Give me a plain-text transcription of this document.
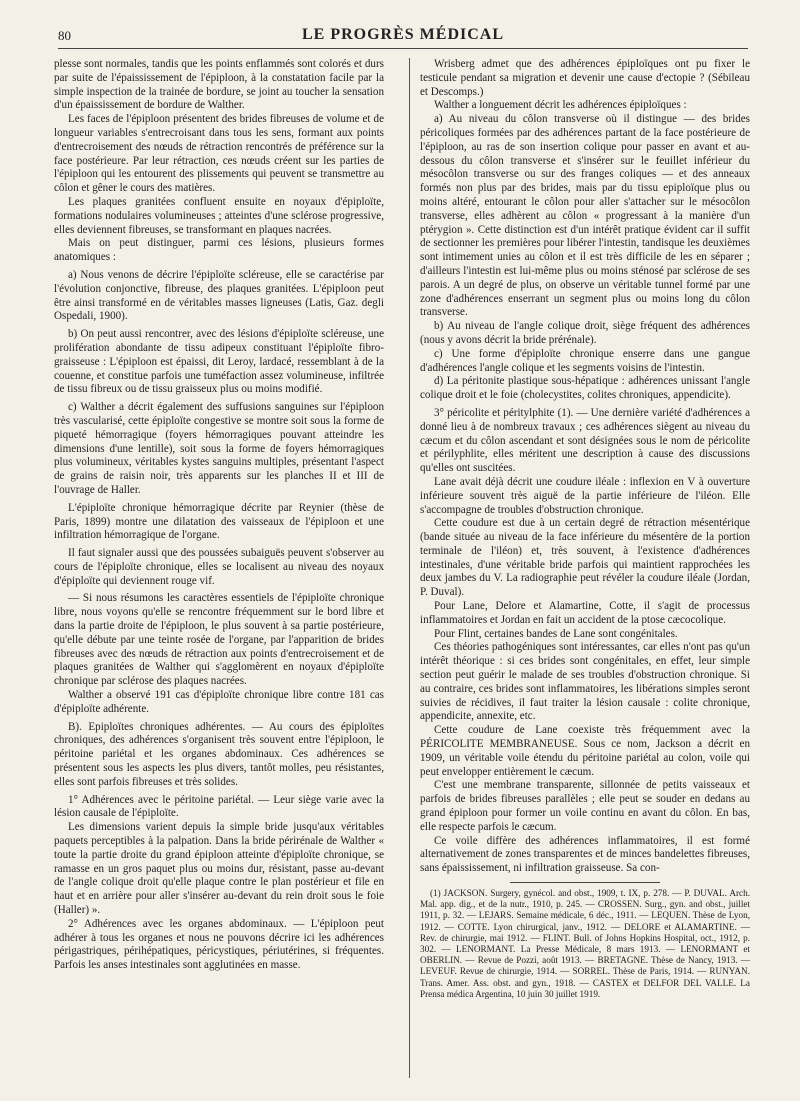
80	LE PROGRÈS MÉDICAL

plesse sont normales, tandis que les points enflammés sont colorés et durs par suite de l'épaississement de l'épiploon, à la constatation facile par la simple inspection de la trainée de bordure, se joint au toucher la sensation d'un épaississement de bordure de Walther.

Les faces de l'épiploon présentent des brides fibreuses de volume et de longueur variables s'entrecroisant dans tous les sens, formant aux points d'entrecroisement des nœuds de rétraction rencontrés de préférence sur la face postérieure. Par leur rétraction, ces nœuds créent sur les parties de l'épiploon qui les entourent des plissements qui peuvent se transmettre au côlon et gêner le cours des matières.

Les plaques granitées confluent ensuite en noyaux d'épiploïte, formations nodulaires volumineuses ; atteintes d'une sclérose progressive, elles deviennent fibreuses, se transformant en plaques nacrées.

Mais on peut distinguer, parmi ces lésions, plusieurs formes anatomiques :

a) Nous venons de décrire l'épiploïte scléreuse, elle se caractérise par l'évolution conjonctive, fibreuse, des plaques granitées. L'épiploon peut être ainsi transformé en de véritables masses ligneuses (Latis, Gaz. degli Ospedali, 1900).

b) On peut aussi rencontrer, avec des lésions d'épiploïte scléreuse, une prolifération abondante de tissu adipeux constituant l'épiploïte fibro-graisseuse : L'épiploon est épaissi, dit Leroy, lardacé, ressemblant à de la couenne, et constitue parfois une tuméfaction assez volumineuse, infiltrée de tissu fibreux ou de tissu graisseux plus ou moins modifié.

c) Walther a décrit également des suffusions sanguines sur l'épiploon très vascularisé, cette épiploïte congestive se montre soit sous la forme de piqueté hémorragique (foyers hémorragiques pouvant atteindre les dimensions d'une lentille), soit sous la forme de foyers hémorragiques plus volumineux, véritables kystes sanguins multiples, présentant l'aspect de grains de raisin noir, très apparents sur les planches II et III de l'ouvrage de Haller.

L'épiploïte chronique hémorragique décrite par Reynier (thèse de Paris, 1899) montre une dilatation des vaisseaux de l'épiploon et une infiltration hémorragique de l'organe.

Il faut signaler aussi que des poussées subaiguës peuvent s'observer au cours de l'épiploïte chronique, elles se localisent au niveau des noyaux d'épiploïte qui deviennent rouge vif.

— Si nous résumons les caractères essentiels de l'épiploïte chronique libre, nous voyons qu'elle se rencontre fréquemment sur le bord libre et dans la partie droite de l'épiploon, le plus souvent à sa partie postérieure, qu'elle débute par une teinte rosée de l'organe, par l'apparition de brides fibreuses avec des nœuds de rétraction aux points d'entrecroisement et de plaques granitées de Walther qui s'agglomèrent en noyaux d'épiploïte chronique par sclérose des plaques nacrées.

Walther a observé 191 cas d'épiploïte chronique libre contre 181 cas d'épiploïte adhérente.

B). Epiploïtes chroniques adhérentes. — Au cours des épiploïtes chroniques, des adhérences s'organisent très souvent entre l'épiploon, le péritoine pariétal et les organes abdominaux. Ces adhérences se présentent sous les aspects les plus divers, tantôt molles, peu résistantes, elles sont parfois fibreuses et très solides.

1° Adhérences avec le péritoine pariétal. — Leur siège varie avec la lésion causale de l'épiploïte.

Les dimensions varient depuis la simple bride jusqu'aux véritables paquets perceptibles à la palpation. Dans la bride périrénale de Walther « toute la partie droite du grand épiploon atteinte d'épiploïte chronique, se ramasse en un gros paquet plus ou moins dur, résistant, passe au-devant de l'angle colique droit qu'elle plaque contre le plan postérieur et file en haut et en arrière pour aller s'insérer au-devant du rein droit sous le foie (Haller) ».

2° Adhérences avec les organes abdominaux. — L'épiploon peut adhérer à tous les organes et nous ne pouvons décrire ici les adhérences périgastriques, périhépatiques, péricystiques, périutérines, si fréquentes. Parfois les anses intestinales sont agglutinées en masse.

Wrisberg admet que des adhérences épiploïques ont pu fixer le testicule pendant sa migration et devenir une cause d'ectopie ? (Sébileau et Descomps.)

Walther a longuement décrit les adhérences épiploïques :

a) Au niveau du côlon transverse où il distingue — des brides péricoliques formées par des adhérences partant de la face postérieure de l'épiploon, au ras de son insertion colique pour passer en avant et au-dessous du côlon transverse et s'insérer sur le feuillet inférieur du mésocôlon transverse ou sur des franges coliques — et des anneaux formés non plus par des brides, mais par du tissu epiploïque plus ou moins altéré, entourant le côlon pour aller s'attacher sur le mésocôlon transverse, elles adhèrent au côlon « progressant à la manière d'un ptérygion ». Cette distinction est d'un intérêt pratique évident car il suffit de sectionner les premières pour libérer l'intestin, tandisque les deuxièmes sont intimement unies au côlon et il est très difficile de les en séparer ; d'ailleurs l'intestin est lui-même plus ou moins sténosé par sclérose de ses parois. A un degré de plus, on observe un véritable tunnel formé par une zone d'adhérences enserrant un segment plus ou moins long du côlon transverse.

b) Au niveau de l'angle colique droit, siège fréquent des adhérences (nous y avons décrit la bride prérénale).

c) Une forme d'épiploïte chronique enserre dans une gangue d'adhérences l'angle colique et les segments voisins de l'intestin.

d) La péritonite plastique sous-hépatique : adhérences unissant l'angle colique droit et le foie (cholecystites, colites chroniques, appendicite).

3° péricolite et péritylphite (1). — Une dernière variété d'adhérences a donné lieu à de nombreux travaux ; ces adhérences siègent au niveau du cæcum et du côlon ascendant et sont désignées sous le nom de péricolite et périlyphlite, elles méritent une description à cause des discussions qu'elles ont suscitées.

Lane avait déjà décrit une coudure iléale : inflexion en V à ouverture inférieure souvent très aiguë de la partie inférieure de l'iléon. Elle s'accompagne de troubles d'obstruction chronique.

Cette coudure est due à un certain degré de rétraction mésentérique (bande située au niveau de la face inférieure du mésentère de la portion terminale de l'iléon) et, très souvent, à l'existence d'adhérences intestinales, d'une véritable bride parfois qui maintient rapprochées les deux jambes du V. La radiographie peut révéler la coudure iléale (Jordan, P. Duval).

Pour Lane, Delore et Alamartine, Cotte, il s'agit de processus inflammatoires et Jordan en fait un accident de la ptose cæcocolique.

Pour Flint, certaines bandes de Lane sont congénitales.

Ces théories pathogéniques sont intéressantes, car elles n'ont pas qu'un intérêt théorique : si ces brides sont congénitales, en effet, leur simple section peut guérir le malade de ses troubles d'obstruction chronique. Si au contraire, ces brides sont inflammatoires, les libérations simples seront suivies de récidives, il faut traiter la lésion causale : colite chronique, appendicite, annexite, etc.

Cette coudure de Lane coexiste très fréquemment avec la PÉRICOLITE MEMBRANEUSE. Sous ce nom, Jackson a décrit en 1909, un véritable voile étendu du péritoine pariétal au colon, voile qui peut envelopper entièrement le cæcum.

C'est une membrane transparente, sillonnée de petits vaisseaux et parfois de brides fibreuses parallèles ; elle peut se souder en dedans au grand épiploon pour former un voile continu en avant du côlon. En bas, elle respecte parfois le cæcum.

Ce voile diffère des adhérences inflammatoires, il est formé alternativement de zones transparentes et de minces bandelettes fibreuses, sans épaississement, ni infiltration graisseuse. Sa con-

(1) JACKSON. Surgery, gynécol. and obst., 1909, t. IX, p. 278. — P. DUVAL. Arch. Mal. app. dig., et de la nutr., 1910, p. 245. — CROSSEN. Surg., gyn. and obst., juillet 1911, p. 32. — LEJARS. Semaine médicale, 6 déc., 1911. — LEQUEN. Thèse de Lyon, 1912. — COTTE. Lyon chirurgical, janv., 1912. — DELORE et ALAMARTINE. — Rev. de chirurgie, mai 1912. — FLINT. Bull. of Johns Hopkins Hospital, oct., 1912, p. 302. — LENORMANT. La Presse Médicale, 8 mars 1913. — LENORMANT et OBERLIN. — Revue de Pozzi, août 1913. — BRETAGNE. Thèse de Nancy, 1913. — LEVEUF. Revue de chirurgie, 1914. — SORREL. Thèse de Paris, 1914. — RUNYAN. Trans. Amer. Ass. obst. and gyn., 1918. — CASTEX et DELFOR DEL VALLE. La Prensa médica Argentina, 10 juin 30 juillet 1919.
